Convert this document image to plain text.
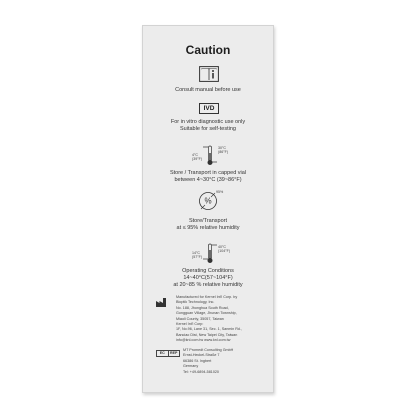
Caution
Consult manual before use
IVD
For in vitro diagnostic use only
Suitable for self-testing
4°C
(39°F)
30°C
(86°F)
Store / Transport in capped vial
between 4~30°C (39~86°F)
%
95%
Store/Transport
at ≤ 95% relative humidity
14°C
(57°F)
40°C
(104°F)
Operating Conditions
14~40°C(57~104°F)
at 20~85 % relative humidity
Manufactured for Kernel Int'l Corp. by
Bioptik Technology, Inc.
No. 188, Jhonghua South Road,
Gongguan Village, Jhunan Township,
Miaoli County, 35057, Taiwan
Kernel Int'l Corp:
1F, No.96, Lane 31, Sec. 1, Sanmin Rd.,
Banciao Dist, New Taipei City, Taiwan
info@knl.com.tw www.knl.com.tw
EC	REP
MT Promedt Consulting GmbH
Ernst-Heckel-Straße 7
66386 St. Ingbert
Germany
Tel: +49-6894-581020
